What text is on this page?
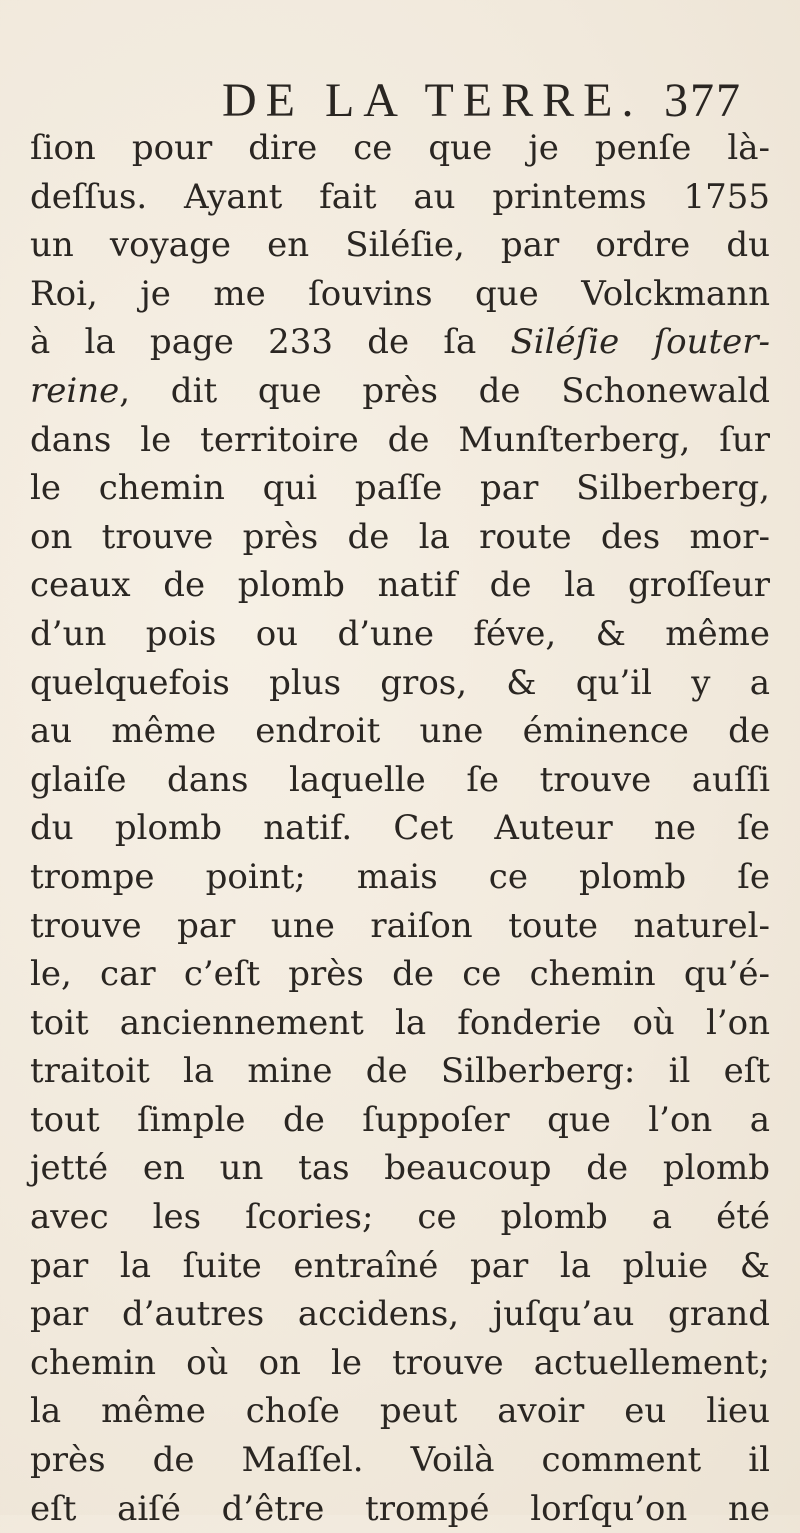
DE LA TERRE. 377
ſion pour dire ce que je penſe là-
deſſus. Ayant fait au printems 1755
un voyage en Siléſie, par ordre du
Roi, je me ſouvins que Volckmann
à la page 233 de ſa Siléſie ſouter-
reine, dit que près de Schonewald
dans le territoire de Munſterberg, ſur
le chemin qui paſſe par Silberberg,
on trouve près de la route des mor-
ceaux de plomb natif de la groſſeur
d’un pois ou d’une féve, & même
quelquefois plus gros, & qu’il y a
au même endroit une éminence de
glaiſe dans laquelle ſe trouve auſſi
du plomb natif. Cet Auteur ne ſe
trompe point; mais ce plomb ſe
trouve par une raiſon toute naturel-
le, car c’eſt près de ce chemin qu’é-
toit anciennement la fonderie où l’on
traitoit la mine de Silberberg: il eſt
tout ſimple de ſuppoſer que l’on a
jetté en un tas beaucoup de plomb
avec les ſcories; ce plomb a été
par la ſuite entraîné par la pluie &
par d’autres accidens, juſqu’au grand
chemin où on le trouve actuellement;
la même choſe peut avoir eu lieu
près de Maſſel. Voilà comment il
eſt aiſé d’être trompé lorſqu’on ne
